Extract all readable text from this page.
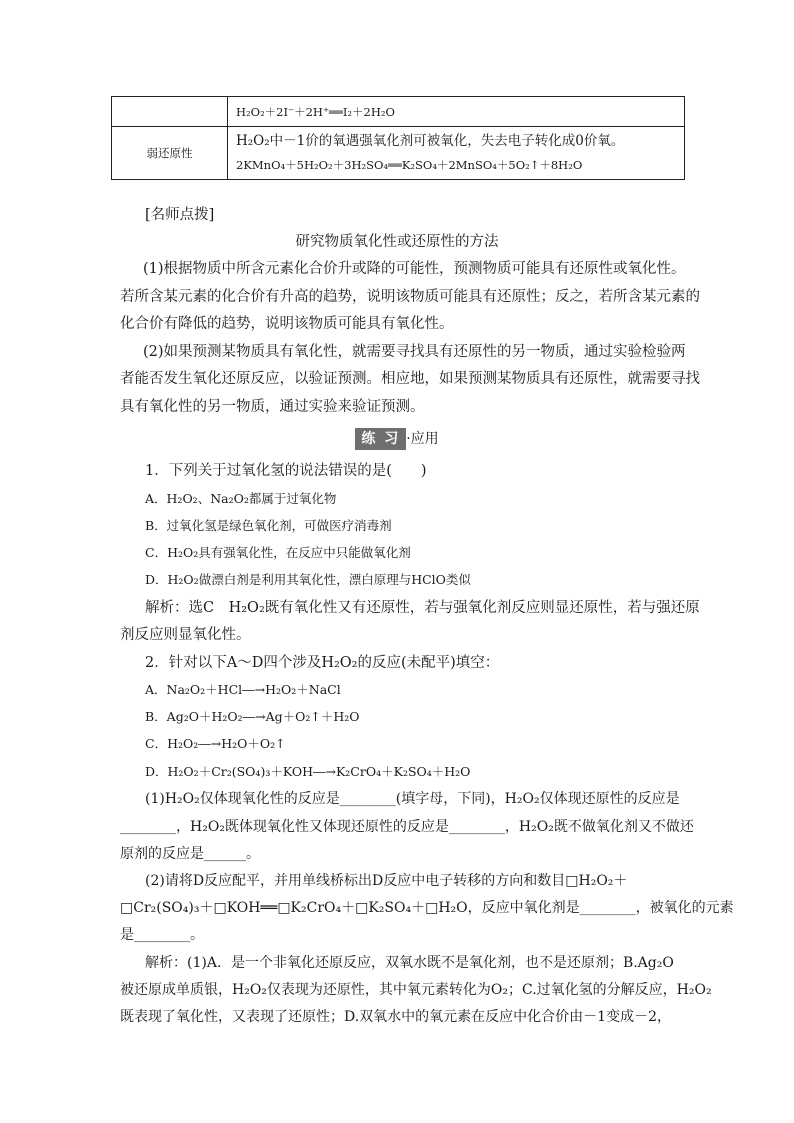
	H₂O₂＋2I⁻＋2H⁺══I₂＋2H₂O

弱还原性	H₂O₂中－1价的氧遇强氧化剂可被氧化，失去电子转化成0价氧。
2KMnO₄＋5H₂O₂＋3H₂SO₄══K₂SO₄＋2MnSO₄＋5O₂↑＋8H₂O
[名师点拨]
研究物质氧化性或还原性的方法
(1)根据物质中所含元素化合价升或降的可能性，预测物质可能具有还原性或氧化性。
若所含某元素的化合价有升高的趋势，说明该物质可能具有还原性；反之，若所含某元素的
化合价有降低的趋势，说明该物质可能具有氧化性。
(2)如果预测某物质具有氧化性，就需要寻找具有还原性的另一物质，通过实验检验两
者能否发生氧化还原反应，以验证预测。相应地，如果预测某物质具有还原性，就需要寻找
具有氧化性的另一物质，通过实验来验证预测。
练 习 ·应用
1．下列关于过氧化氢的说法错误的是(　　)
A．H₂O₂、Na₂O₂都属于过氧化物
B．过氧化氢是绿色氧化剂，可做医疗消毒剂
C．H₂O₂具有强氧化性，在反应中只能做氧化剂
D．H₂O₂做漂白剂是利用其氧化性，漂白原理与HClO类似
解析：选C　H₂O₂既有氧化性又有还原性，若与强氧化剂反应则显还原性，若与强还原
剂反应则显氧化性。
2．针对以下A～D四个涉及H₂O₂的反应(未配平)填空：
A．Na₂O₂＋HCl―→H₂O₂＋NaCl
B．Ag₂O＋H₂O₂―→Ag＋O₂↑＋H₂O
C．H₂O₂―→H₂O＋O₂↑
D．H₂O₂＋Cr₂(SO₄)₃＋KOH―→K₂CrO₄＋K₂SO₄＋H₂O
(1)H₂O₂仅体现氧化性的反应是________(填字母，下同)，H₂O₂仅体现还原性的反应是
________，H₂O₂既体现氧化性又体现还原性的反应是________，H₂O₂既不做氧化剂又不做还
原剂的反应是______。
(2)请将D反应配平，并用单线桥标出D反应中电子转移的方向和数目□H₂O₂＋
□Cr₂(SO₄)₃＋□KOH══□K₂CrO₄＋□K₂SO₄＋□H₂O，反应中氧化剂是________，被氧化的元素
是________。
解析：(1)A．是一个非氧化还原反应，双氧水既不是氧化剂，也不是还原剂；B.Ag₂O
被还原成单质银，H₂O₂仅表现为还原性，其中氧元素转化为O₂；C.过氧化氢的分解反应，H₂O₂
既表现了氧化性，又表现了还原性；D.双氧水中的氧元素在反应中化合价由－1变成－2，
